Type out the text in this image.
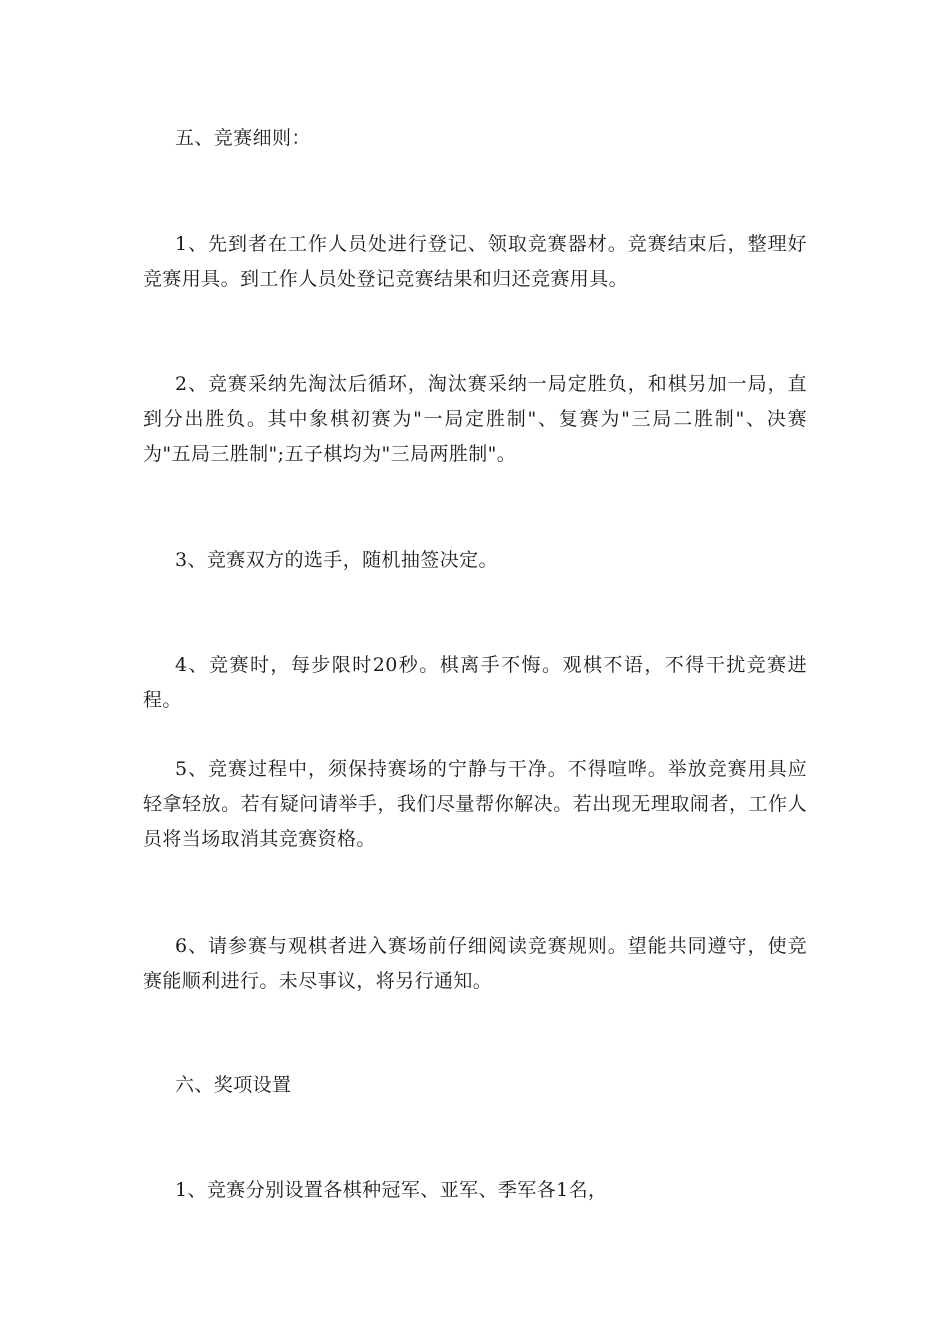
五、竞赛细则：

1、先到者在工作人员处进行登记、领取竞赛器材。竞赛结束后，整理好竞赛用具。到工作人员处登记竞赛结果和归还竞赛用具。

2、竞赛采纳先淘汰后循环，淘汰赛采纳一局定胜负，和棋另加一局，直到分出胜负。其中象棋初赛为"一局定胜制"、复赛为"三局二胜制"、决赛为"五局三胜制";五子棋均为"三局两胜制"。

3、竞赛双方的选手，随机抽签决定。

4、竞赛时，每步限时20秒。棋离手不悔。观棋不语，不得干扰竞赛进程。

5、竞赛过程中，须保持赛场的宁静与干净。不得喧哗。举放竞赛用具应轻拿轻放。若有疑问请举手，我们尽量帮你解决。若出现无理取闹者，工作人员将当场取消其竞赛资格。

6、请参赛与观棋者进入赛场前仔细阅读竞赛规则。望能共同遵守，使竞赛能顺利进行。未尽事议，将另行通知。

六、奖项设置

1、竞赛分别设置各棋种冠军、亚军、季军各1名，
